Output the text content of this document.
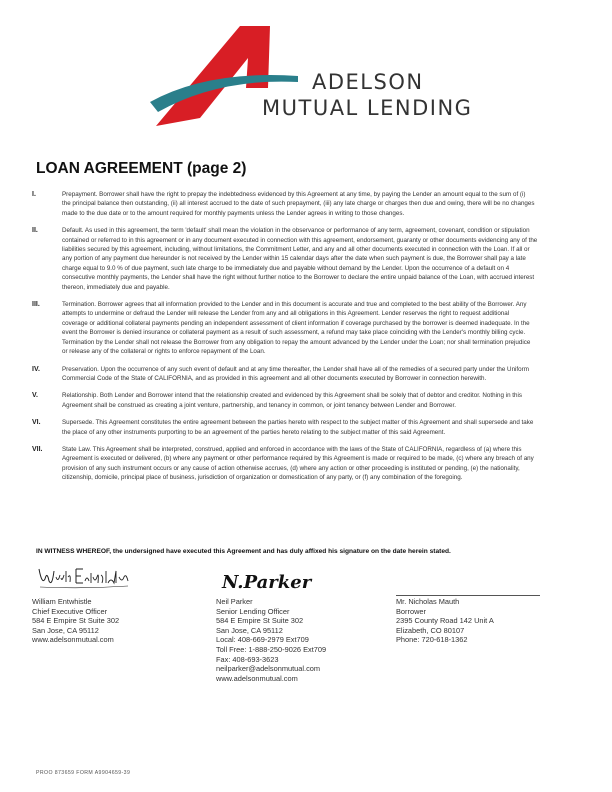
ADELSON
MUTUAL LENDING
LOAN AGREEMENT (page 2)
I.	Prepayment. Borrower shall have the right to prepay the indebtedness evidenced by this Agreement at any time, by paying the Lender an amount equal to the sum of (i)
the principal balance then outstanding, (ii) all interest accrued to the date of such prepayment, (iii) any late charge or charges then due and owing, there will be no changes
made to the due date or to the amount required for monthly payments unless the Lender agrees in writing to those changes.
II.	Default. As used in this agreement, the term 'default' shall mean the violation in the observance or performance of any term, agreement, covenant, condition or stipulation
contained or referred to in this agreement or in any document executed in connection with this agreement, endorsement, guaranty or other documents evidencing any of the
liabilities secured by this agreement, including, without limitations, the Commitment Letter, and any and all other documents executed in connection with the Loan. If all or
any portion of any payment due hereunder is not received by the Lender within 15 calendar days after the date when such payment is due, the Borrower shall pay a late
charge equal to 9.0 % of due payment, such late charge to be immediately due and payable without demand by the Lender. Upon the occurrence of a default on 4
consecutive monthly payments, the Lender shall have the right without further notice to the Borrower to declare the entire unpaid balance of the Loan, with accrued interest
thereon, immediately due and payable.
III.	Termination. Borrower agrees that all information provided to the Lender and in this document is accurate and true and completed to the best ability of the Borrower. Any
attempts to undermine or defraud the Lender will release the Lender from any and all obligations in this Agreement. Lender reserves the right to request additional
coverage or additional collateral payments pending an independent assessment of client information if coverage purchased by the borrower is deemed inadequate. In the
event the Borrower is denied insurance or collateral payment as a result of such assessment, a refund may take place coinciding with the Lender's monthly billing cycle.
Termination by the Lender shall not release the Borrower from any obligation to repay the amount advanced by the Lender under the Loan; nor shall termination prejudice
or release any of the collateral or rights to enforce repayment of the Loan.
IV.	Preservation. Upon the occurrence of any such event of default and at any time thereafter, the Lender shall have all of the remedies of a secured party under the Uniform
Commercial Code of the State of CALIFORNIA, and as provided in this agreement and all other documents executed by Borrower in connection herewith.
V.	Relationship. Both Lender and Borrower intend that the relationship created and evidenced by this Agreement shall be solely that of debtor and creditor. Nothing in this
Agreement shall be construed as creating a joint venture, partnership, and tenancy in common, or joint tenancy between Lender and Borrower.
VI.	Supersede. This Agreement constitutes the entire agreement between the parties hereto with respect to the subject matter of this Agreement and shall supersede and take
the place of any other instruments purporting to be an agreement of the parties hereto relating to the subject matter of this said Agreement.
VII.	State Law. This Agreement shall be interpreted, construed, applied and enforced in accordance with the laws of the State of CALIFORNIA, regardless of (a) where this
Agreement is executed or delivered, (b) where any payment or other performance required by this Agreement is made or required to be made, (c) where any breach of any
provision of any such instrument occurs or any cause of action otherwise accrues, (d) where any action or other proceeding is instituted or pending, (e) the nationality,
citizenship, domicile, principal place of business, jurisdiction of organization or domestication of any party, or (f) any combination of the foregoing.
IN WITNESS WHEREOF, the undersigned have executed this Agreement and has duly affixed his signature on the date herein stated.
N.Parker
William Entwhistle
Chief Executive Officer
584 E Empire St Suite 302
San Jose, CA 95112
www.adelsonmutual.com
Neil Parker
Senior Lending Officer
584 E Empire St Suite 302
San Jose, CA 95112
Local: 408-669-2979 Ext709
Toll Free: 1-888-250-9026 Ext709
Fax: 408-693-3623
neilparker@adelsonmutual.com
www.adelsonmutual.com
Mr. Nicholas Mauth
Borrower
2395 County Road 142 Unit A
Elizabeth, CO 80107
Phone: 720-618-1362
PROO 873659 FORM A9904659-39
